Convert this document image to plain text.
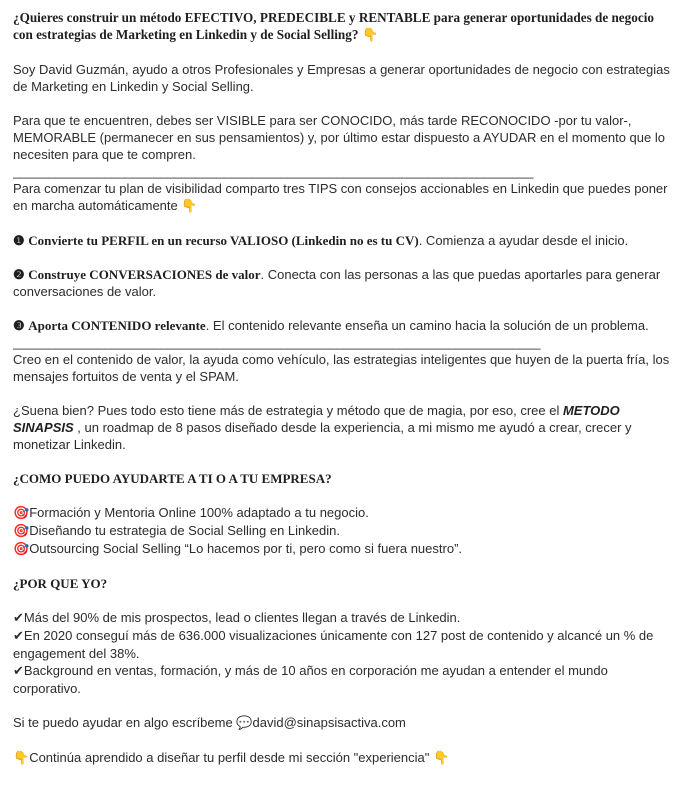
¿Quieres construir un método EFECTIVO, PREDECIBLE y RENTABLE para generar oportunidades de negocio con estrategias de Marketing en Linkedin y de Social Selling? 👇

Soy David Guzmán, ayudo a otros Profesionales y Empresas a generar oportunidades de negocio con estrategias de Marketing en Linkedin y Social Selling.

Para que te encuentren, debes ser VISIBLE para ser CONOCIDO, más tarde RECONOCIDO -por tu valor-, MEMORABLE (permanecer en sus pensamientos) y, por último estar dispuesto a AYUDAR en el momento que lo necesiten para que te compren.

__________________________________________________________________________

Para comenzar tu plan de visibilidad comparto tres TIPS con consejos accionables en Linkedin que puedes poner en marcha automáticamente 👇

❶ Convierte tu PERFIL en un recurso VALIOSO (Linkedin no es tu CV). Comienza a ayudar desde el inicio.

❷ Construye CONVERSACIONES de valor. Conecta con las personas a las que puedas aportarles para generar conversaciones de valor.

❸ Aporta CONTENIDO relevante. El contenido relevante enseña un camino hacia la solución de un problema.

___________________________________________________________________________

Creo en el contenido de valor, la ayuda como vehículo, las estrategias inteligentes que huyen de la puerta fría, los mensajes fortuitos de venta y el SPAM.

¿Suena bien? Pues todo esto tiene más de estrategia y método que de magia, por eso, cree el METODO SINAPSIS , un roadmap de 8 pasos diseñado desde la experiencia, a mi mismo me ayudó a crear, crecer y monetizar Linkedin.

¿COMO PUEDO AYUDARTE A TI O A TU EMPRESA?

🎯Formación y Mentoria Online 100% adaptado a tu negocio.
🎯Diseñando tu estrategia de Social Selling en Linkedin.
🎯Outsourcing Social Selling “Lo hacemos por ti, pero como si fuera nuestro”.

¿POR QUE YO?

✔Más del 90% de mis prospectos, lead o clientes llegan a través de Linkedin.
✔En 2020 conseguí más de 636.000 visualizaciones únicamente con 127 post de contenido y alcancé un % de engagement del 38%.
✔Background en ventas, formación, y más de 10 años en corporación me ayudan a entender el mundo corporativo.

Si te puedo ayudar en algo escríbeme 💬david@sinapsisactiva.com

👇Continúa aprendido a diseñar tu perfil desde mi sección "experiencia" 👇
